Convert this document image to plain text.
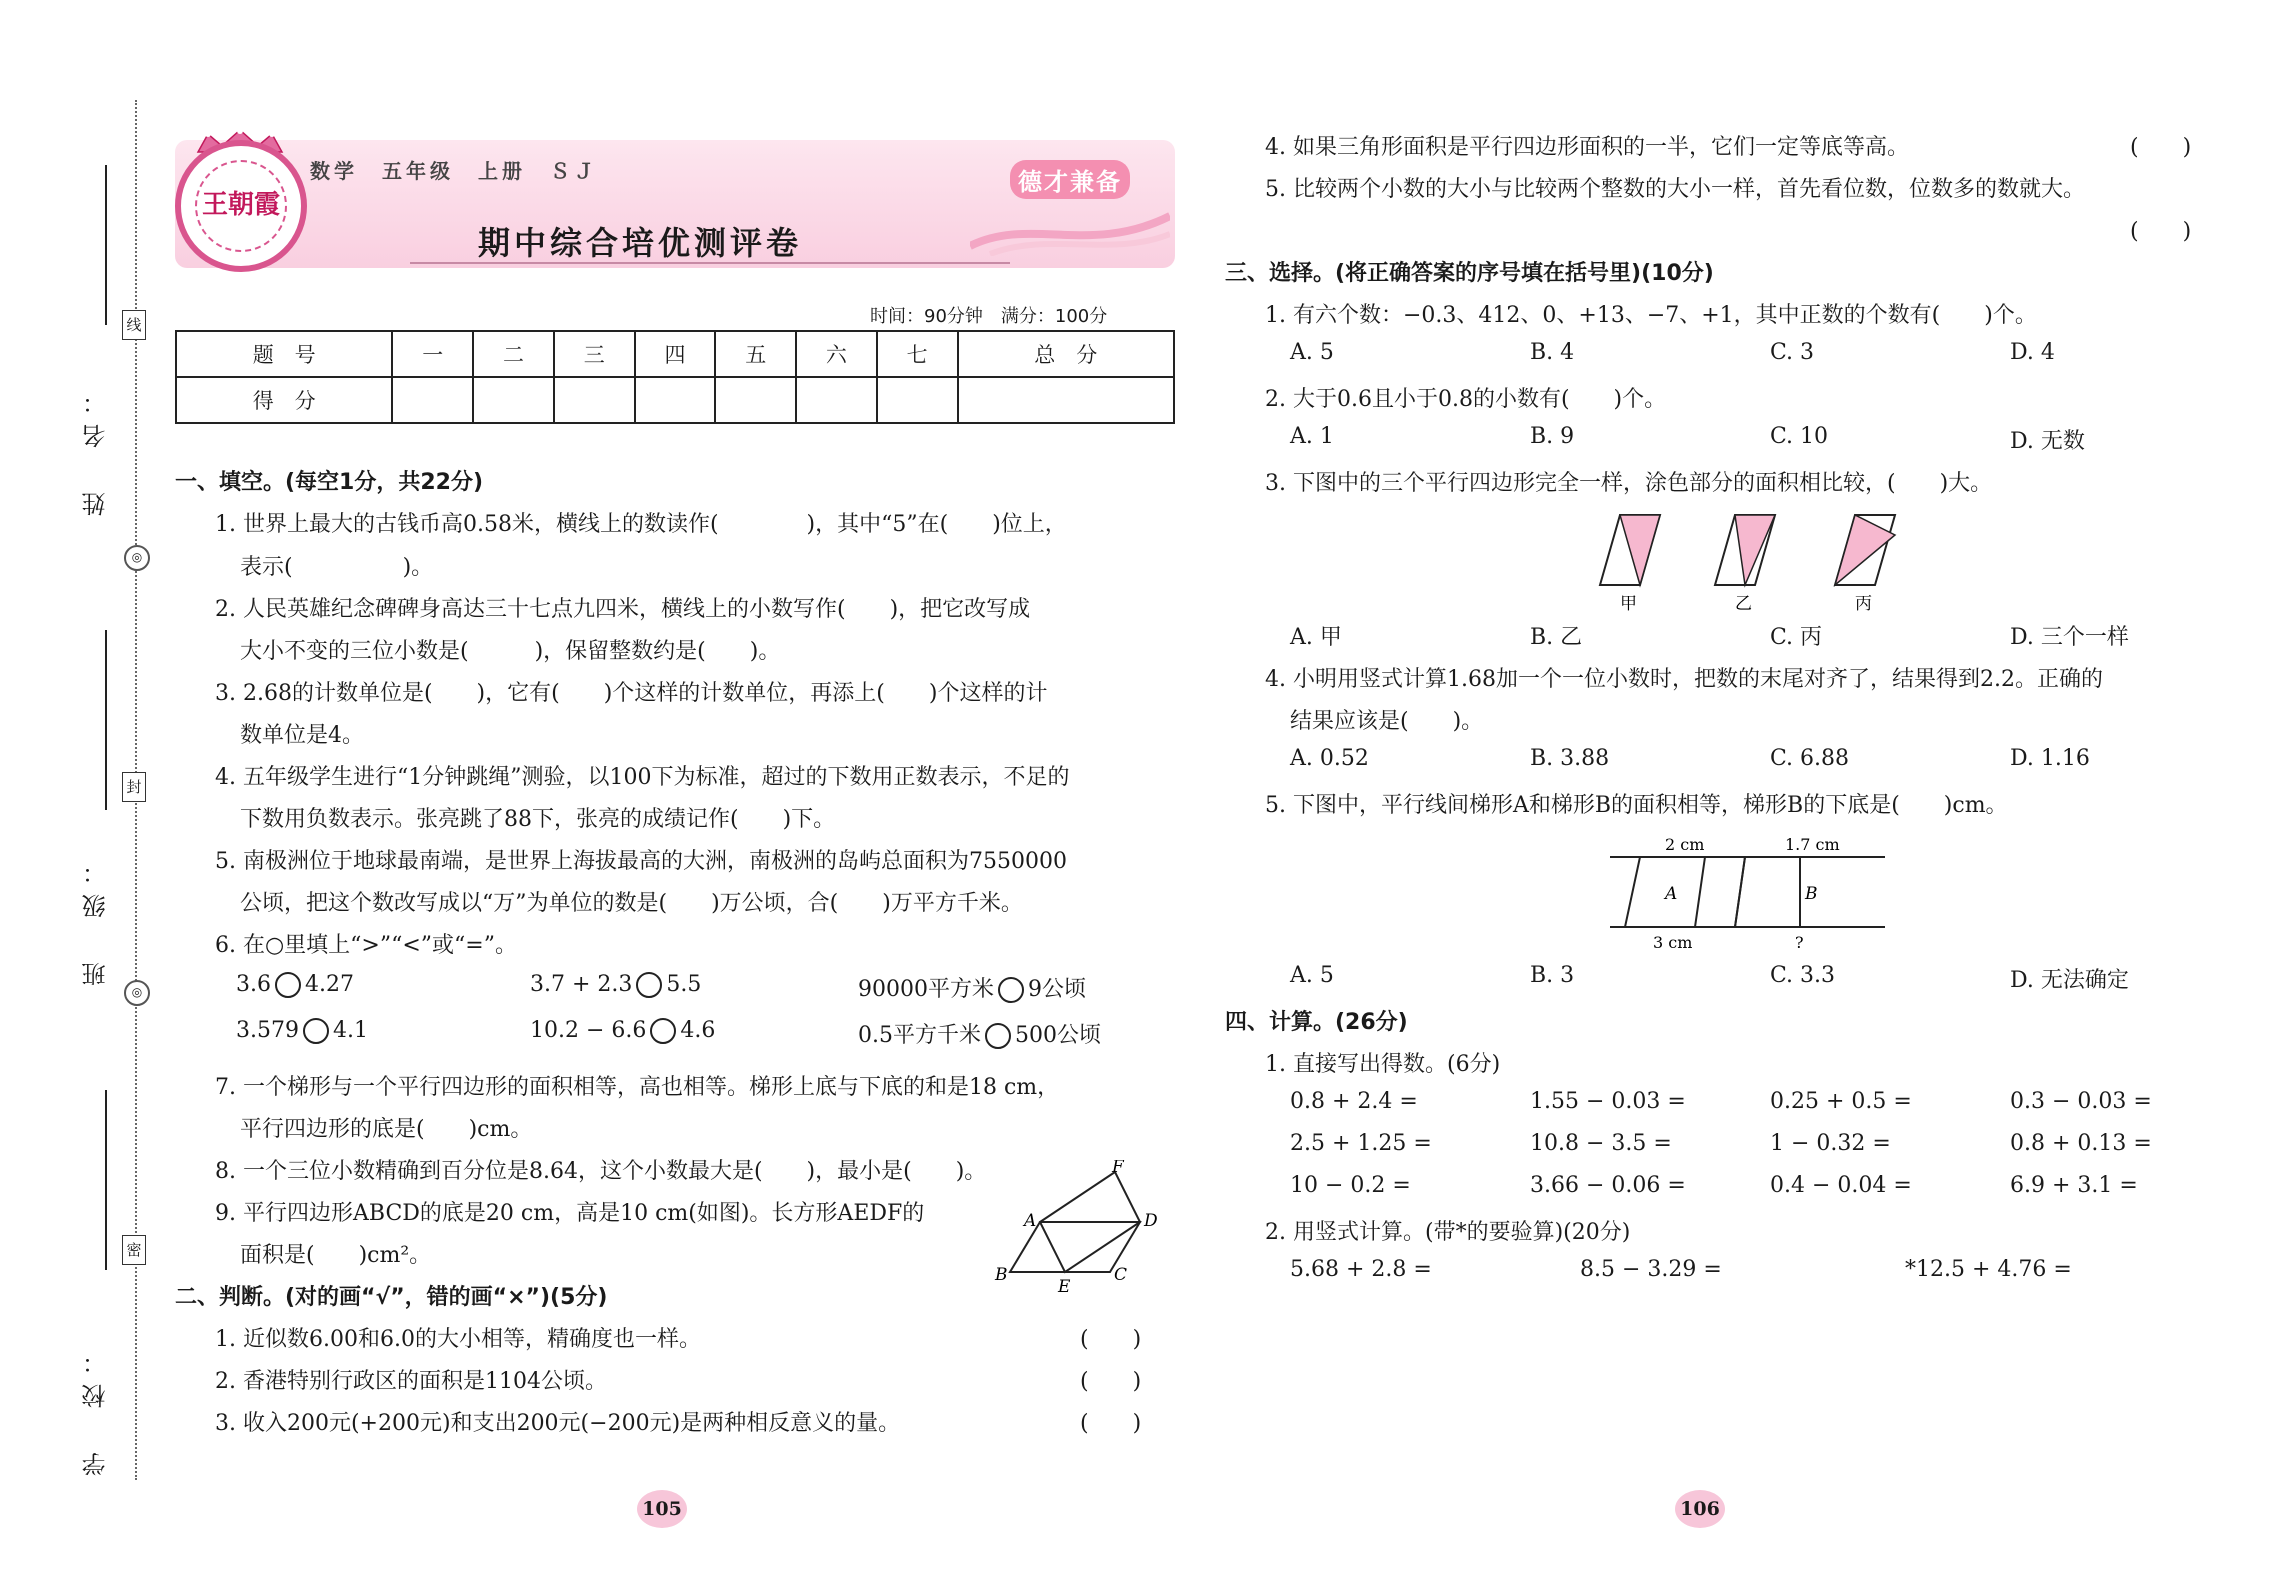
姓　名：
班　级：
学　校：
线
封
密
◎
◎
王朝霞
数学　五年级　上册　ＳＪ
期中综合培优测评卷
德才兼备
时间：90分钟　满分：100分
题　号	一	二	三	四	五	六	七	总　分
得　分								
一、填空。(每空1分，共22分)
1. 世界上最大的古钱币高0.58米，横线上的数读作(　　　　)，其中“5”在(　　)位上，
表示(　　　　　)。
2. 人民英雄纪念碑碑身高达三十七点九四米，横线上的小数写作(　　)，把它改写成
大小不变的三位小数是(　　　)，保留整数约是(　　)。
3. 2.68的计数单位是(　　)，它有(　　)个这样的计数单位，再添上(　　)个这样的计
数单位是4。
4. 五年级学生进行“1分钟跳绳”测验，以100下为标准，超过的下数用正数表示，不足的
下数用负数表示。张亮跳了88下，张亮的成绩记作(　　)下。
5. 南极洲位于地球最南端，是世界上海拔最高的大洲，南极洲的岛屿总面积为7550000
公顷，把这个数改写成以“万”为单位的数是(　　)万公顷，合(　　)万平方千米。
6. 在○里填上“>”“<”或“=”。
3.6 4.27	3.7 + 2.3 5.5	90000平方米 9公顷
3.579 4.1	10.2 − 6.6 4.6	0.5平方千米 500公顷
7. 一个梯形与一个平行四边形的面积相等，高也相等。梯形上底与下底的和是18 cm，
平行四边形的底是(　　)cm。
8. 一个三位小数精确到百分位是8.64，这个小数最大是(　　)，最小是(　　)。
9. 平行四边形ABCD的底是20 cm，高是10 cm(如图)。长方形AEDF的
面积是(　　)cm²。
A
B	C
D
E
F
二、判断。(对的画“√”，错的画“×”)(5分)
1. 近似数6.00和6.0的大小相等，精确度也一样。	(　　)
2. 香港特别行政区的面积是1104公顷。	(　　)
3. 收入200元(+200元)和支出200元(−200元)是两种相反意义的量。	(　　)
105
4. 如果三角形面积是平行四边形面积的一半，它们一定等底等高。	(　　)
5. 比较两个小数的大小与比较两个整数的大小一样，首先看位数，位数多的数就大。
(　　)
三、选择。(将正确答案的序号填在括号里)(10分)
1. 有六个数：−0.3、412、0、+13、−7、+1，其中正数的个数有(　　)个。
A. 5	B. 4	C. 3	D. 4
2. 大于0.6且小于0.8的小数有(　　)个。
A. 1	B. 9	C. 10	D. 无数
3. 下图中的三个平行四边形完全一样，涂色部分的面积相比较，(　　)大。
甲	乙	丙
A. 甲	B. 乙	C. 丙	D. 三个一样
4. 小明用竖式计算1.68加一个一位小数时，把数的末尾对齐了，结果得到2.2。正确的
结果应该是(　　)。
A. 0.52	B. 3.88	C. 6.88	D. 1.16
5. 下图中，平行线间梯形A和梯形B的面积相等，梯形B的下底是(　　)cm。
2 cm	1.7 cm
A	B
3 cm	?
A. 5	B. 3	C. 3.3	D. 无法确定
四、计算。(26分)
1. 直接写出得数。(6分)
0.8 + 2.4 =	1.55 − 0.03 =	0.25 + 0.5 =	0.3 − 0.03 =
2.5 + 1.25 =	10.8 − 3.5 =	1 − 0.32 =	0.8 + 0.13 =
10 − 0.2 =	3.66 − 0.06 =	0.4 − 0.04 =	6.9 + 3.1 =
2. 用竖式计算。(带*的要验算)(20分)
5.68 + 2.8 =	8.5 − 3.29 =	*12.5 + 4.76 =
106
